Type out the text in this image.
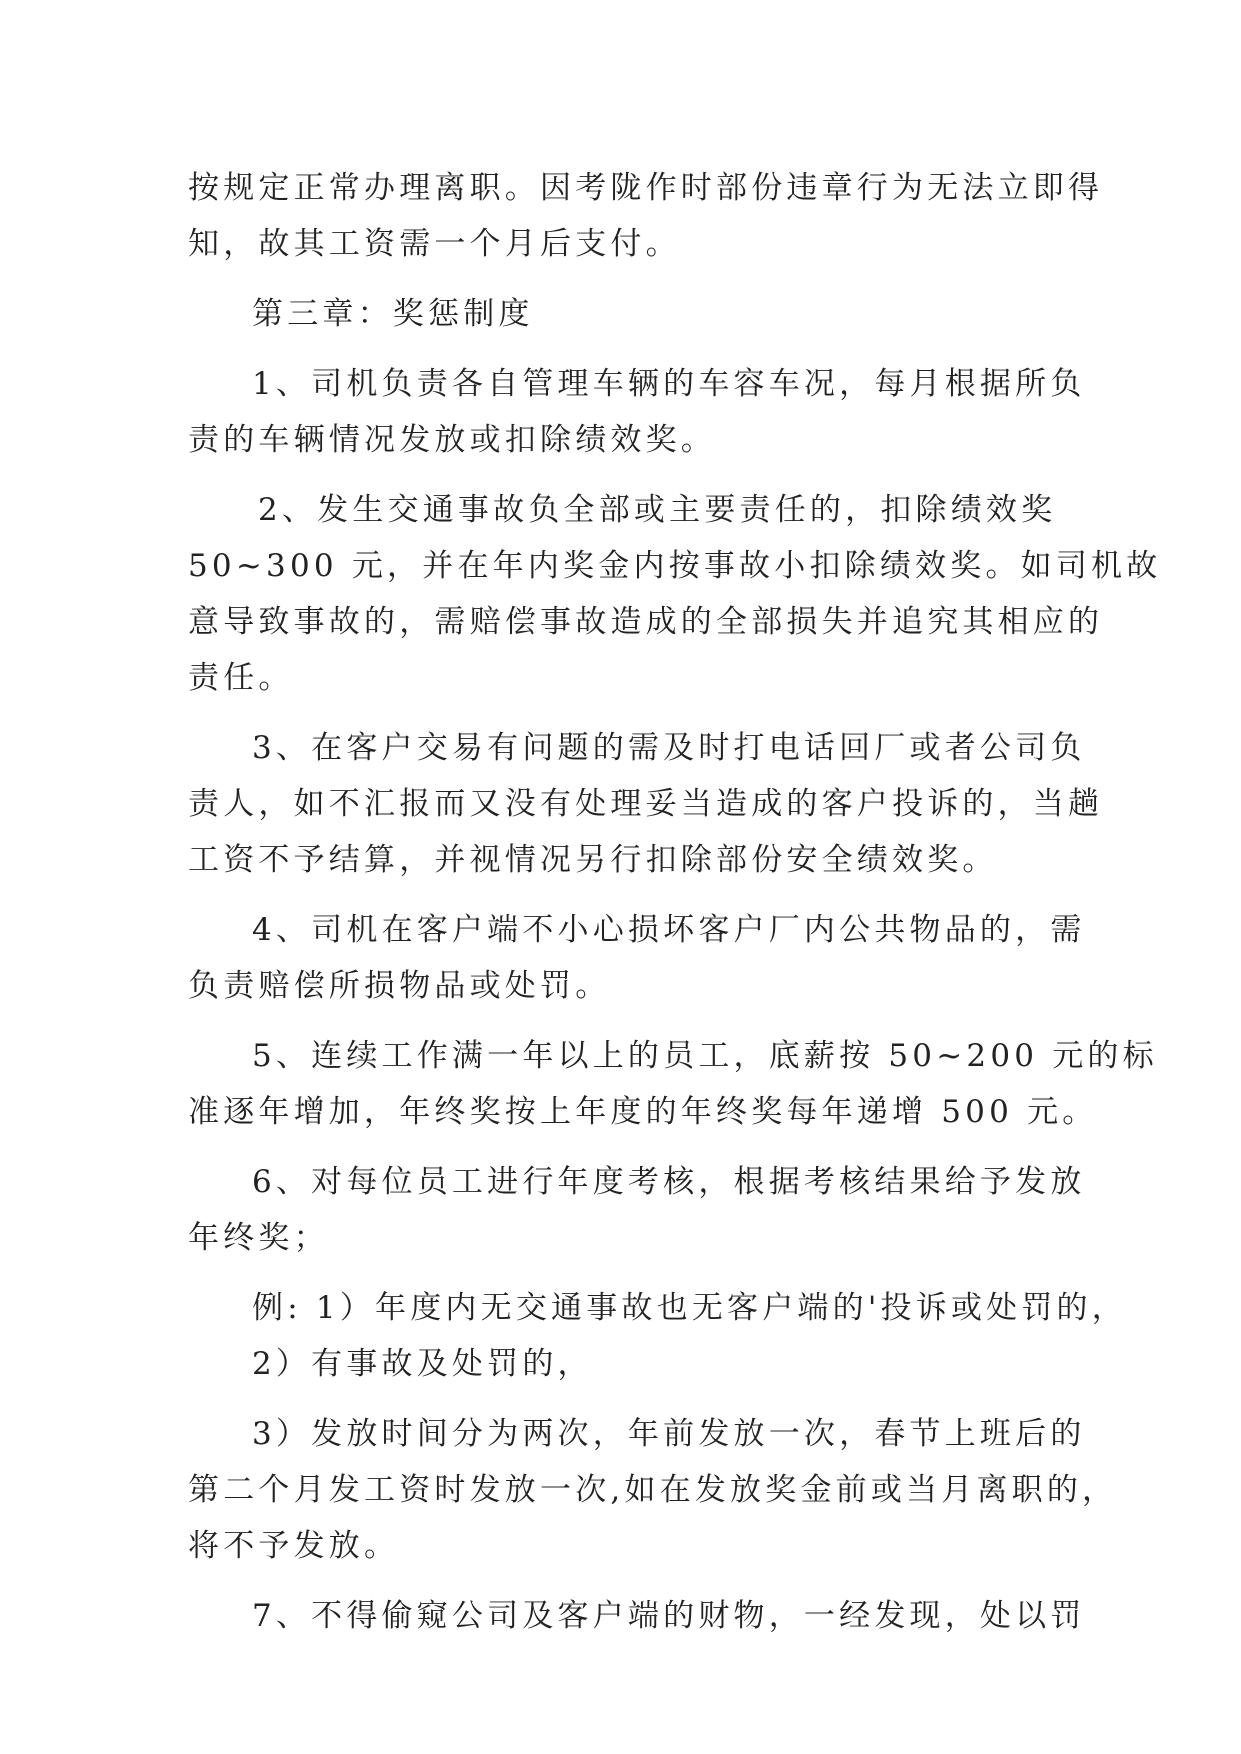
按规定正常办理离职。因考陇作时部份违章行为无法立即得
知，故其工资需一个月后支付。
第三章：奖惩制度
1、司机负责各自管理车辆的车容车况，每月根据所负
责的车辆情况发放或扣除绩效奖。
2、发生交通事故负全部或主要责任的，扣除绩效奖
50~300 元，并在年内奖金内按事故小扣除绩效奖。如司机故
意导致事故的，需赔偿事故造成的全部损失并追究其相应的
责任。
3、在客户交易有问题的需及时打电话回厂或者公司负
责人，如不汇报而又没有处理妥当造成的客户投诉的，当趟
工资不予结算，并视情况另行扣除部份安全绩效奖。
4、司机在客户端不小心损坏客户厂内公共物品的，需
负责赔偿所损物品或处罚。
5、连续工作满一年以上的员工，底薪按 50~200 元的标
准逐年增加，年终奖按上年度的年终奖每年递增 500 元。
6、对每位员工进行年度考核，根据考核结果给予发放
年终奖；
例: 1）年度内无交通事故也无客户端的'投诉或处罚的，
2）有事故及处罚的，
3）发放时间分为两次，年前发放一次，春节上班后的
第二个月发工资时发放一次,如在发放奖金前或当月离职的，
将不予发放。
7、不得偷窥公司及客户端的财物，一经发现，处以罚
